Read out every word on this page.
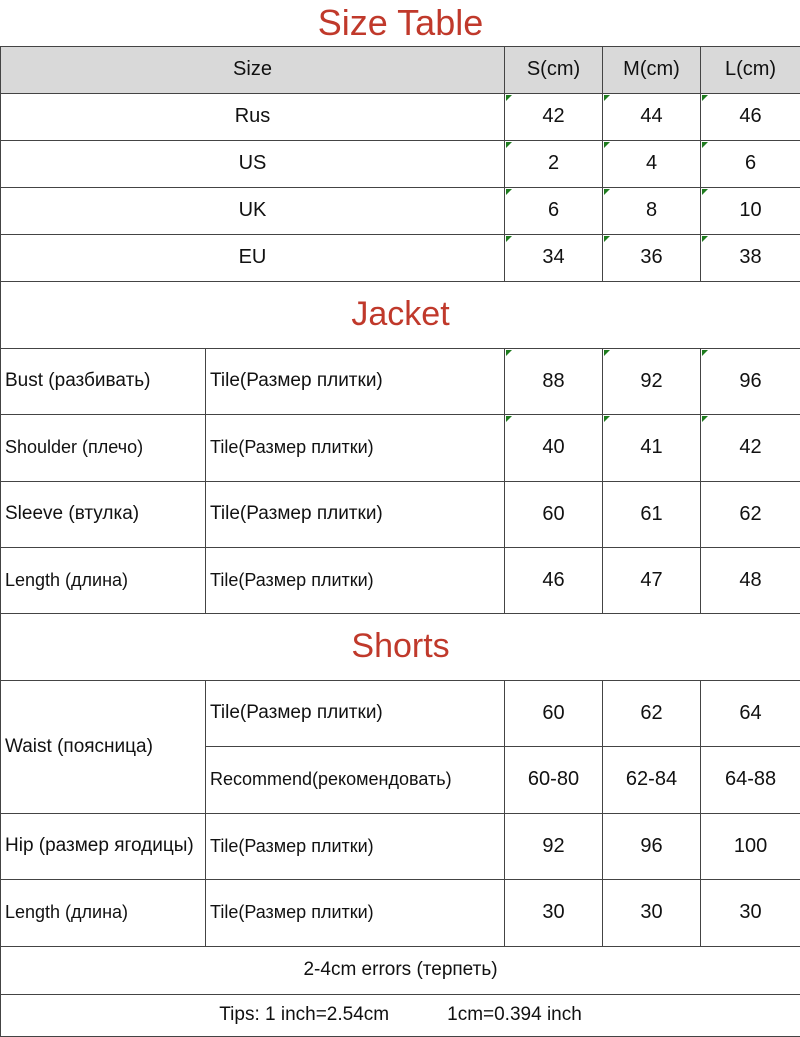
Size Table				
Size		S(cm)	M(cm)	L(cm)
Rus		42	44	46
US		2	4	6
UK		6	8	10
EU		34	36	38
Jacket				
Bust (разбивать)	Tile(Размер плитки)	88	92	96
Shoulder (плечо)	Tile(Размер плитки)	40	41	42
Sleeve (втулка)	Tile(Размер плитки)	60	61	62
Length (длина)	Tile(Размер плитки)	46	47	48
Shorts				
Waist (поясница)	Tile(Размер плитки)	60	62	64
	Recommend(рекомендовать)	60-80	62-84	64-88
Hip (размер ягодицы)	Tile(Размер плитки)	92	96	100
Length (длина)	Tile(Размер плитки)	30	30	30
2-4cm errors (терпеть)				
Tips: 1 inch=2.54cm 1cm=0.394 inch				
